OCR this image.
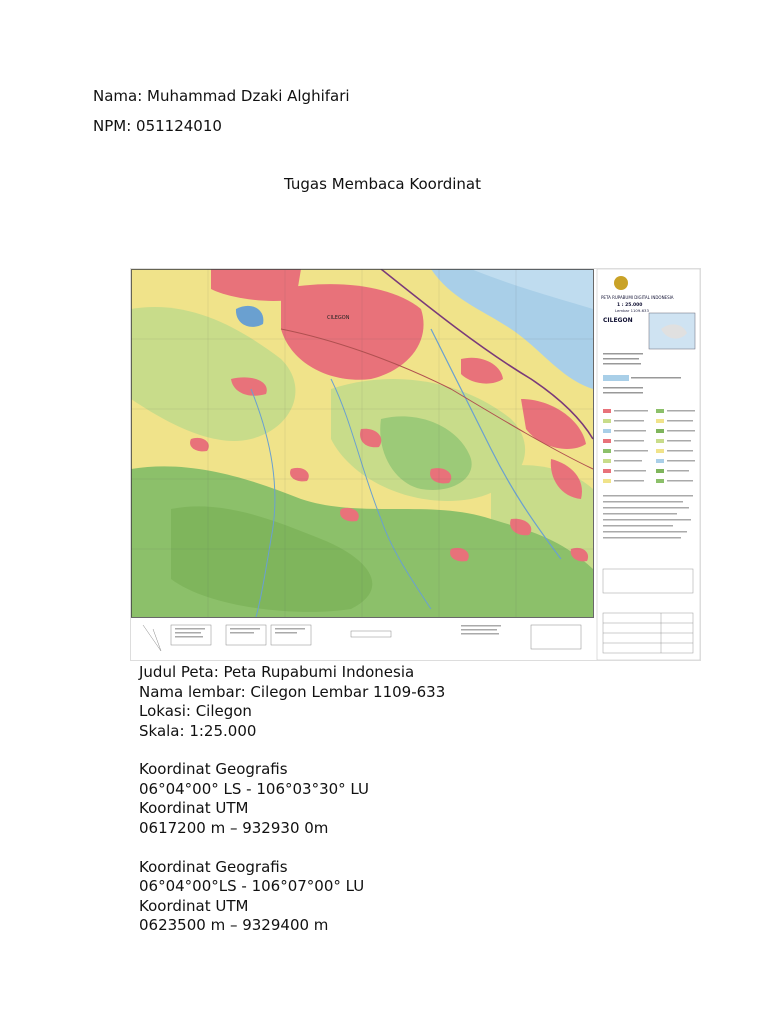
Nama: Muhammad Dzaki Alghifari
NPM: 051124010
Tugas Membaca Koordinat
CILEGON
PETA RUPABUMI DIGITAL INDONESIA
1 : 25.000
Lembar 1109-633
CILEGON
Judul Peta: Peta Rupabumi Indonesia
Nama lembar: Cilegon Lembar 1109-633
Lokasi: Cilegon
Skala: 1:25.000
Koordinat Geografis
06°04°00° LS - 106°03°30° LU
Koordinat UTM
0617200 m – 932930 0m
Koordinat Geografis
06°04°00°LS - 106°07°00° LU
Koordinat UTM
0623500 m – 9329400 m
